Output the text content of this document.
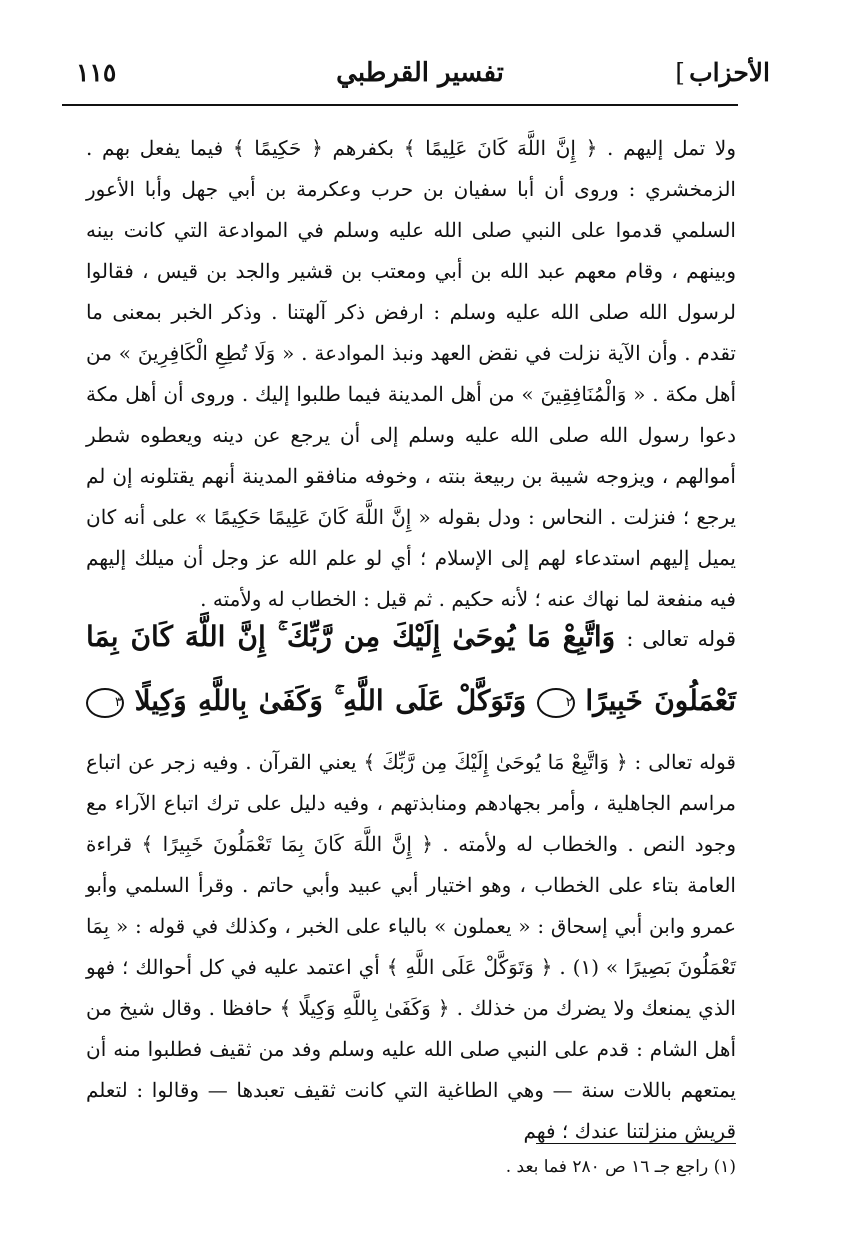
الأحزاب]
تفسير القرطبي
١١٥

ولا تمل إليهم . ﴿ إِنَّ اللَّهَ كَانَ عَلِيمًا ﴾ بكفرهم ﴿ حَكِيمًا ﴾ فيما يفعل بهم . الزمخشري : وروى أن أبا سفيان بن حرب وعكرمة بن أبي جهل وأبا الأعور السلمي قدموا على النبي صلى الله عليه وسلم في الموادعة التي كانت بينه وبينهم ، وقام معهم عبد الله بن أبي ومعتب بن قشير والجد بن قيس ، فقالوا لرسول الله صلى الله عليه وسلم : ارفض ذكر آلهتنا . وذكر الخبر بمعنى ما تقدم . وأن الآية نزلت في نقض العهد ونبذ الموادعة . « وَلَا تُطِعِ الْكَافِرِينَ » من أهل مكة . « وَالْمُنَافِقِينَ » من أهل المدينة فيما طلبوا إليك . وروى أن أهل مكة دعوا رسول الله صلى الله عليه وسلم إلى أن يرجع عن دينه ويعطوه شطر أموالهم ، ويزوجه شيبة بن ربيعة بنته ، وخوفه منافقو المدينة أنهم يقتلونه إن لم يرجع ؛ فنزلت . النحاس : ودل بقوله « إِنَّ اللَّهَ كَانَ عَلِيمًا حَكِيمًا » على أنه كان يميل إليهم استدعاء لهم إلى الإسلام ؛ أي لو علم الله عز وجل أن ميلك إليهم فيه منفعة لما نهاك عنه ؛ لأنه حكيم . ثم قيل : الخطاب له ولأمته .

قوله تعالى : وَاتَّبِعْ مَا يُوحَىٰ إِلَيْكَ مِن رَّبِّكَ ۚ إِنَّ اللَّهَ كَانَ بِمَا تَعْمَلُونَ خَبِيرًا ٢ وَتَوَكَّلْ عَلَى اللَّهِ ۚ وَكَفَىٰ بِاللَّهِ وَكِيلًا ٣

قوله تعالى : ﴿ وَاتَّبِعْ مَا يُوحَىٰ إِلَيْكَ مِن رَّبِّكَ ﴾ يعني القرآن . وفيه زجر عن اتباع مراسم الجاهلية ، وأمر بجهادهم ومنابذتهم ، وفيه دليل على ترك اتباع الآراء مع وجود النص . والخطاب له ولأمته . ﴿ إِنَّ اللَّهَ كَانَ بِمَا تَعْمَلُونَ خَبِيرًا ﴾ قراءة العامة بتاء على الخطاب ، وهو اختيار أبي عبيد وأبي حاتم . وقرأ السلمي وأبو عمرو وابن أبي إسحاق : « يعملون » بالياء على الخبر ، وكذلك في قوله : « بِمَا تَعْمَلُونَ بَصِيرًا » (١) . ﴿ وَتَوَكَّلْ عَلَى اللَّهِ ﴾ أي اعتمد عليه في كل أحوالك ؛ فهو الذي يمنعك ولا يضرك من خذلك . ﴿ وَكَفَىٰ بِاللَّهِ وَكِيلًا ﴾ حافظا . وقال شيخ من أهل الشام : قدم على النبي صلى الله عليه وسلم وفد من ثقيف فطلبوا منه أن يمتعهم باللات سنة — وهي الطاغية التي كانت ثقيف تعبدها — وقالوا : لتعلم قريش منزلتنا عندك ؛ فهم

(١) راجع جـ ١٦ ص ٢٨٠ فما بعد .
